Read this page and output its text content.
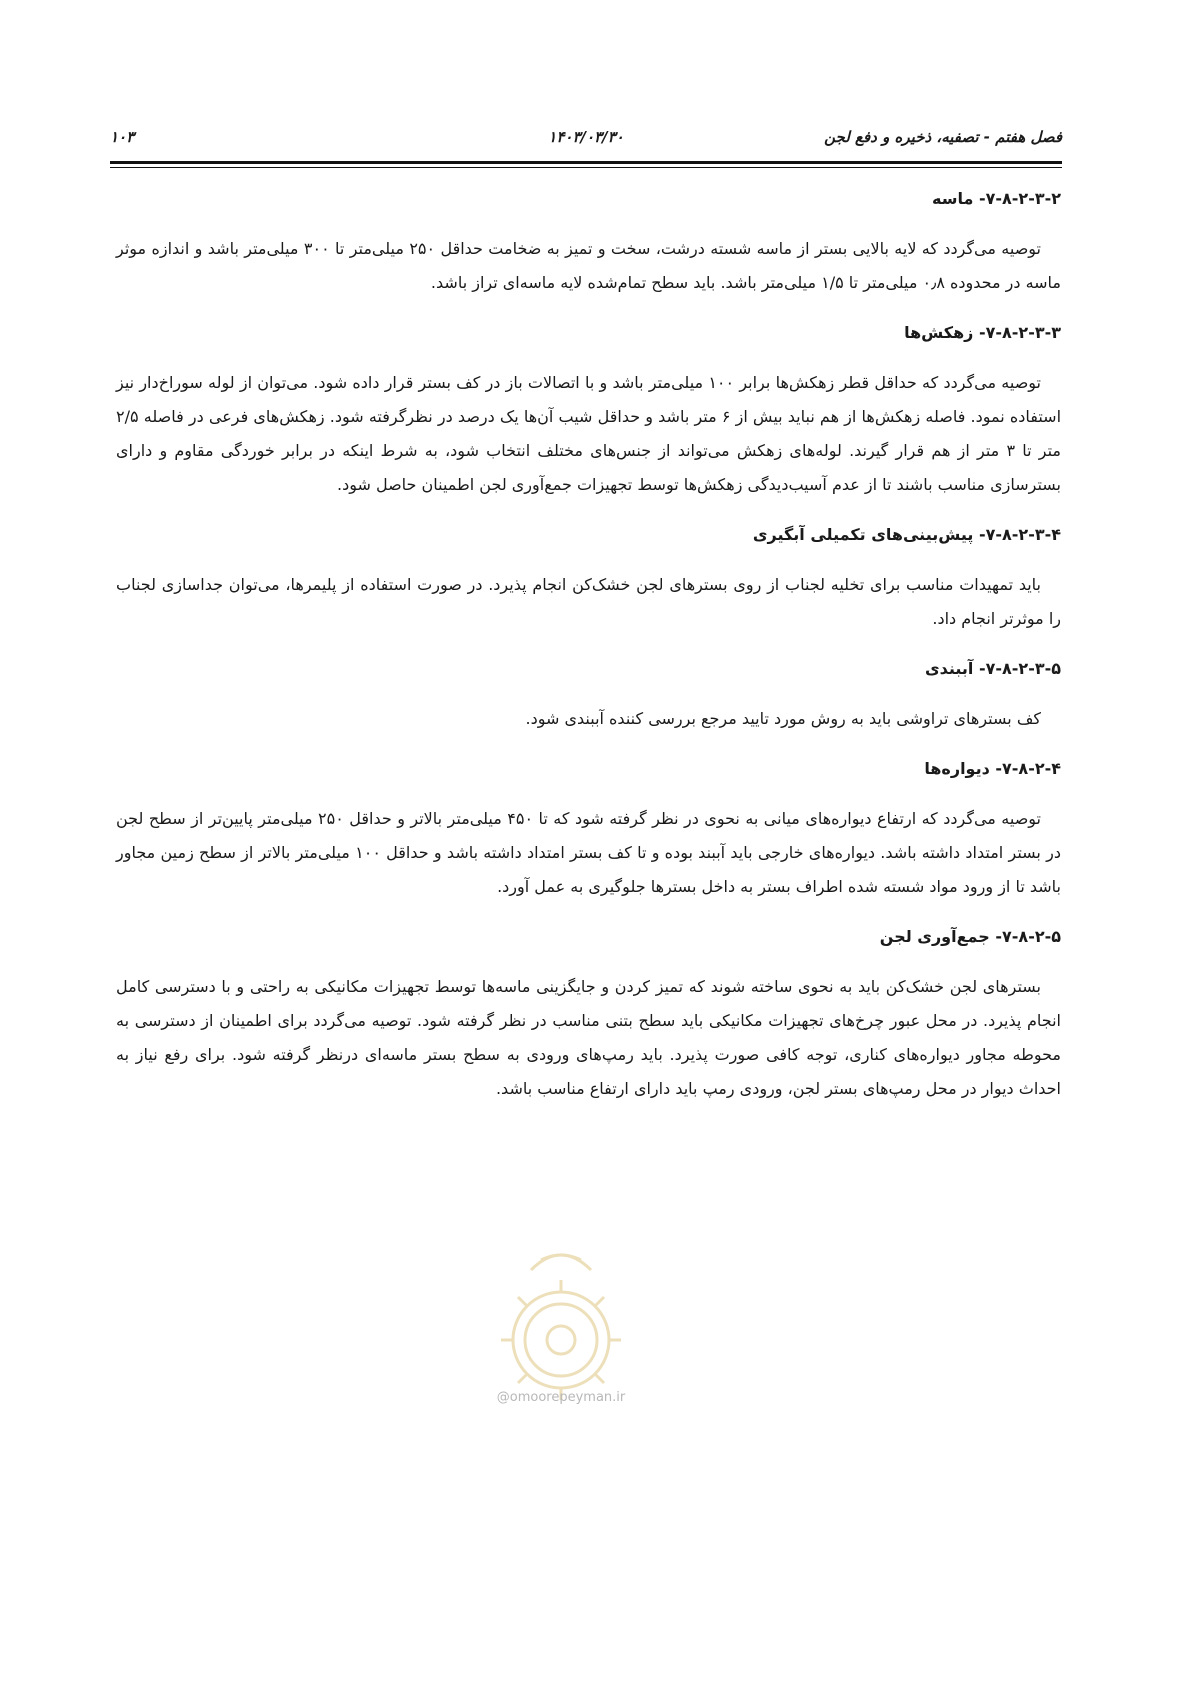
فصل هفتم - تصفیه، ذخیره و دفع لجن
۱۴۰۳/۰۳/۳۰
۱۰۳
۷-۸-۲-۳-۲- ماسه

توصیه می‌گردد که لایه بالایی بستر از ماسه شسته درشت، سخت و تمیز به ضخامت حداقل ۲۵۰ میلی‌متر تا ۳۰۰ میلی‌متر باشد و اندازه موثر ماسه در محدوده ۰٫۸ میلی‌متر تا ۱/۵ میلی‌متر باشد. باید سطح تمام‌شده لایه ماسه‌ای تراز باشد.

۷-۸-۲-۳-۳- زهکش‌ها

توصیه می‌گردد که حداقل قطر زهکش‌ها برابر ۱۰۰ میلی‌متر باشد و با اتصالات باز در کف بستر قرار داده شود. می‌توان از لوله سوراخ‌دار نیز استفاده نمود. فاصله زهکش‌ها از هم نباید بیش از ۶ متر باشد و حداقل شیب آن‌ها یک درصد در نظرگرفته شود. زهکش‌های فرعی در فاصله ۲/۵ متر تا ۳ متر از هم قرار گیرند. لوله‌های زهکش می‌تواند از جنس‌های مختلف انتخاب شود، به شرط اینکه در برابر خوردگی مقاوم و دارای بسترسازی مناسب باشند تا از عدم آسیب‌دیدگی زهکش‌ها توسط تجهیزات جمع‌آوری لجن اطمینان حاصل شود.

۷-۸-۲-۳-۴- پیش‌بینی‌های تکمیلی آبگیری

باید تمهیدات مناسب برای تخلیه لجناب از روی بسترهای لجن خشک‌کن انجام پذیرد. در صورت استفاده از پلیمرها، می‌توان جداسازی لجناب را موثرتر انجام داد.

۷-۸-۲-۳-۵- آببندی

کف بسترهای تراوشی باید به روش مورد تایید مرجع بررسی کننده آببندی شود.

۷-۸-۲-۴- دیواره‌ها

توصیه می‌گردد که ارتفاع دیواره‌های میانی به نحوی در نظر گرفته شود که تا ۴۵۰ میلی‌متر بالاتر و حداقل ۲۵۰ میلی‌متر پایین‌تر از سطح لجن در بستر امتداد داشته باشد. دیواره‌های خارجی باید آببند بوده و تا کف بستر امتداد داشته باشد و حداقل ۱۰۰ میلی‌متر بالاتر از سطح زمین مجاور باشد تا از ورود مواد شسته شده اطراف بستر به داخل بسترها جلوگیری به عمل آورد.

۷-۸-۲-۵- جمع‌آوری لجن

بسترهای لجن خشک‌کن باید به نحوی ساخته شوند که تمیز کردن و جایگزینی ماسه‌ها توسط تجهیزات مکانیکی به راحتی و با دسترسی کامل انجام پذیرد. در محل عبور چرخ‌های تجهیزات مکانیکی باید سطح بتنی مناسب در نظر گرفته شود. توصیه می‌گردد برای اطمینان از دسترسی به محوطه مجاور دیواره‌های کناری، توجه کافی صورت پذیرد. باید رمپ‌های ورودی به سطح بستر ماسه‌ای درنظر گرفته شود. برای رفع نیاز به احداث دیوار در محل رمپ‌های بستر لجن، ورودی رمپ باید دارای ارتفاع مناسب باشد.

@omoorepeyman.ir
